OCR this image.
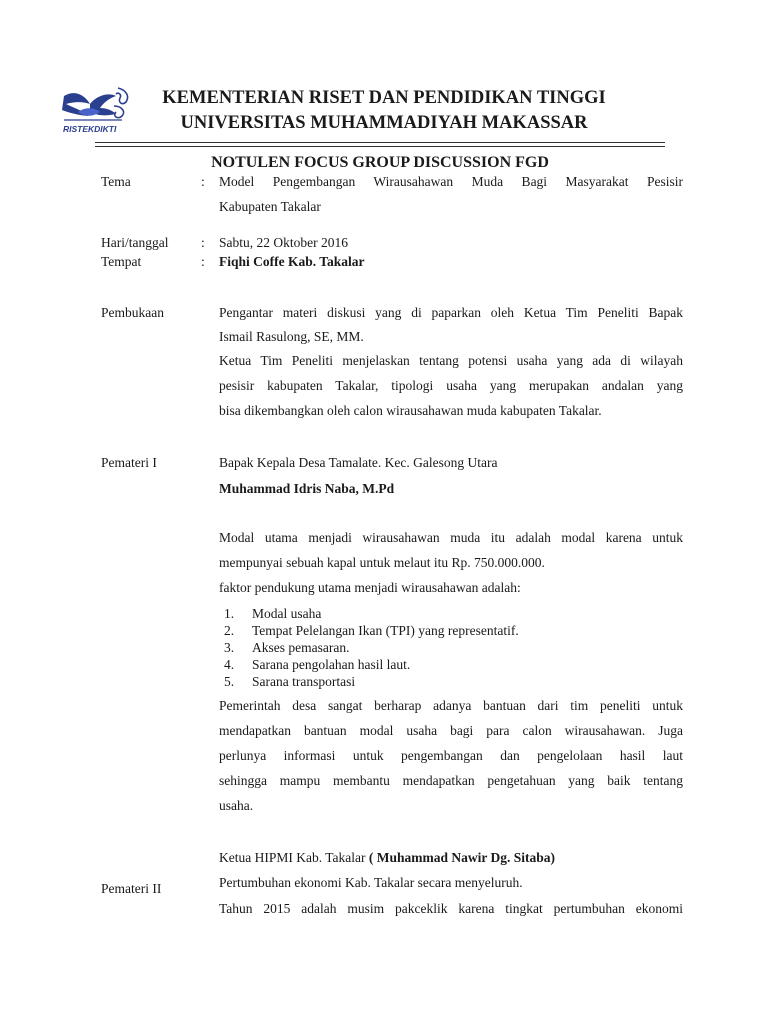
RISTEKDIKTI
KEMENTERIAN RISET DAN PENDIDIKAN TINGGI
UNIVERSITAS MUHAMMADIYAH MAKASSAR
NOTULEN FOCUS GROUP DISCUSSION FGD
Tema	: Model Pengembangan Wirausahawan Muda Bagi Masyarakat Pesisir
Kabupaten Takalar
Hari/tanggal : Sabtu, 22 Oktober 2016
Tempat	: Fiqhi Coffe Kab. Takalar
Pembukaan	Pengantar materi diskusi yang di paparkan oleh Ketua Tim Peneliti Bapak
Ismail Rasulong, SE, MM.
Ketua Tim Peneliti menjelaskan tentang potensi usaha yang ada di wilayah
pesisir kabupaten Takalar, tipologi usaha yang merupakan andalan yang
bisa dikembangkan oleh calon wirausahawan muda kabupaten Takalar.
Pemateri I	Bapak Kepala Desa Tamalate. Kec. Galesong Utara
Muhammad Idris Naba, M.Pd
Modal utama menjadi wirausahawan muda itu adalah modal karena untuk
mempunyai sebuah kapal untuk melaut itu Rp. 750.000.000.
faktor pendukung utama menjadi wirausahawan adalah:
1. Modal usaha
2. Tempat Pelelangan Ikan (TPI) yang representatif.
3. Akses pemasaran.
4. Sarana pengolahan hasil laut.
5. Sarana transportasi
Pemerintah desa sangat berharap adanya bantuan dari tim peneliti untuk
mendapatkan bantuan modal usaha bagi para calon wirausahawan. Juga
perlunya informasi untuk pengembangan dan pengelolaan hasil laut
sehingga mampu membantu mendapatkan pengetahuan yang baik tentang
usaha.
Ketua HIPMI Kab. Takalar ( Muhammad Nawir Dg. Sitaba)
Pemateri II	Pertumbuhan ekonomi Kab. Takalar secara menyeluruh.
Tahun 2015 adalah musim pakceklik karena tingkat pertumbuhan ekonomi
